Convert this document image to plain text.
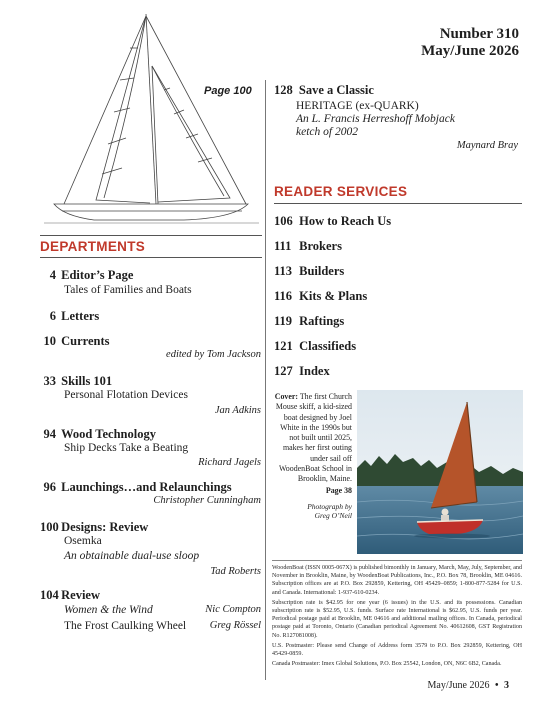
Number 310
May/June 2026
Page 100 128 Save a Classic
HERITAGE (ex-QUARK)
An L. Francis Herreshoff Mobjack
ketch of 2002
Maynard Bray
READER SERVICES
106 How to Reach Us
111 Brokers
113 Builders
116 Kits & Plans
119 Raftings
121 Classifieds
127 Index
DEPARTMENTS
4 Editor’s Page
Tales of Families and Boats
6 Letters
10 Currents
edited by Tom Jackson
33 Skills 101
Personal Flotation Devices
Jan Adkins
94 Wood Technology
Ship Decks Take a Beating
Richard Jagels
96 Launchings…and Relaunchings
Christopher Cunningham
100 Designs: Review
Osemka
An obtainable dual-use sloop
Tad Roberts
104 Review
Women & the Wind	Nic Compton
The Frost Caulking Wheel Greg Rössel
Cover: The first Church Mouse skiff, a kid-sized boat designed by Joel White in the 1990s but not built until 2025, makes her first outing under sail off WoodenBoat School in Brooklin, Maine.
Page 38
Photograph by
Greg O’Neil
WoodenBoat (ISSN 0005-067X) is published bimonthly in January, March, May, July, September, and November in Brooklin, Maine, by WoodenBoat Publications, Inc., P.O. Box 78, Brooklin, ME 04616. Subscription offices are at P.O. Box 292859, Kettering, OH 45429–0859; 1-800-877-5284 for U.S. and Canada. International: 1-937-610-0234.
Subscription rate is $42.95 for one year (6 issues) in the U.S. and its possessions. Canadian subscription rate is $52.95, U.S. funds. Surface rate International is $62.95, U.S. funds per year. Periodical postage paid at Brooklin, ME 04616 and additional mailing offices. In Canada, periodical postage paid at Toronto, Ontario (Canadian periodical Agreement No. 40612608, GST Registration No. R127081008).
U.S. Postmaster: Please send Change of Address form 3579 to P.O. Box 292859, Kettering, OH 45429-0859.
Canada Postmaster: Imex Global Solutions, P.O. Box 25542, London, ON, N6C 6B2, Canada.
May/June 2026 • 3
